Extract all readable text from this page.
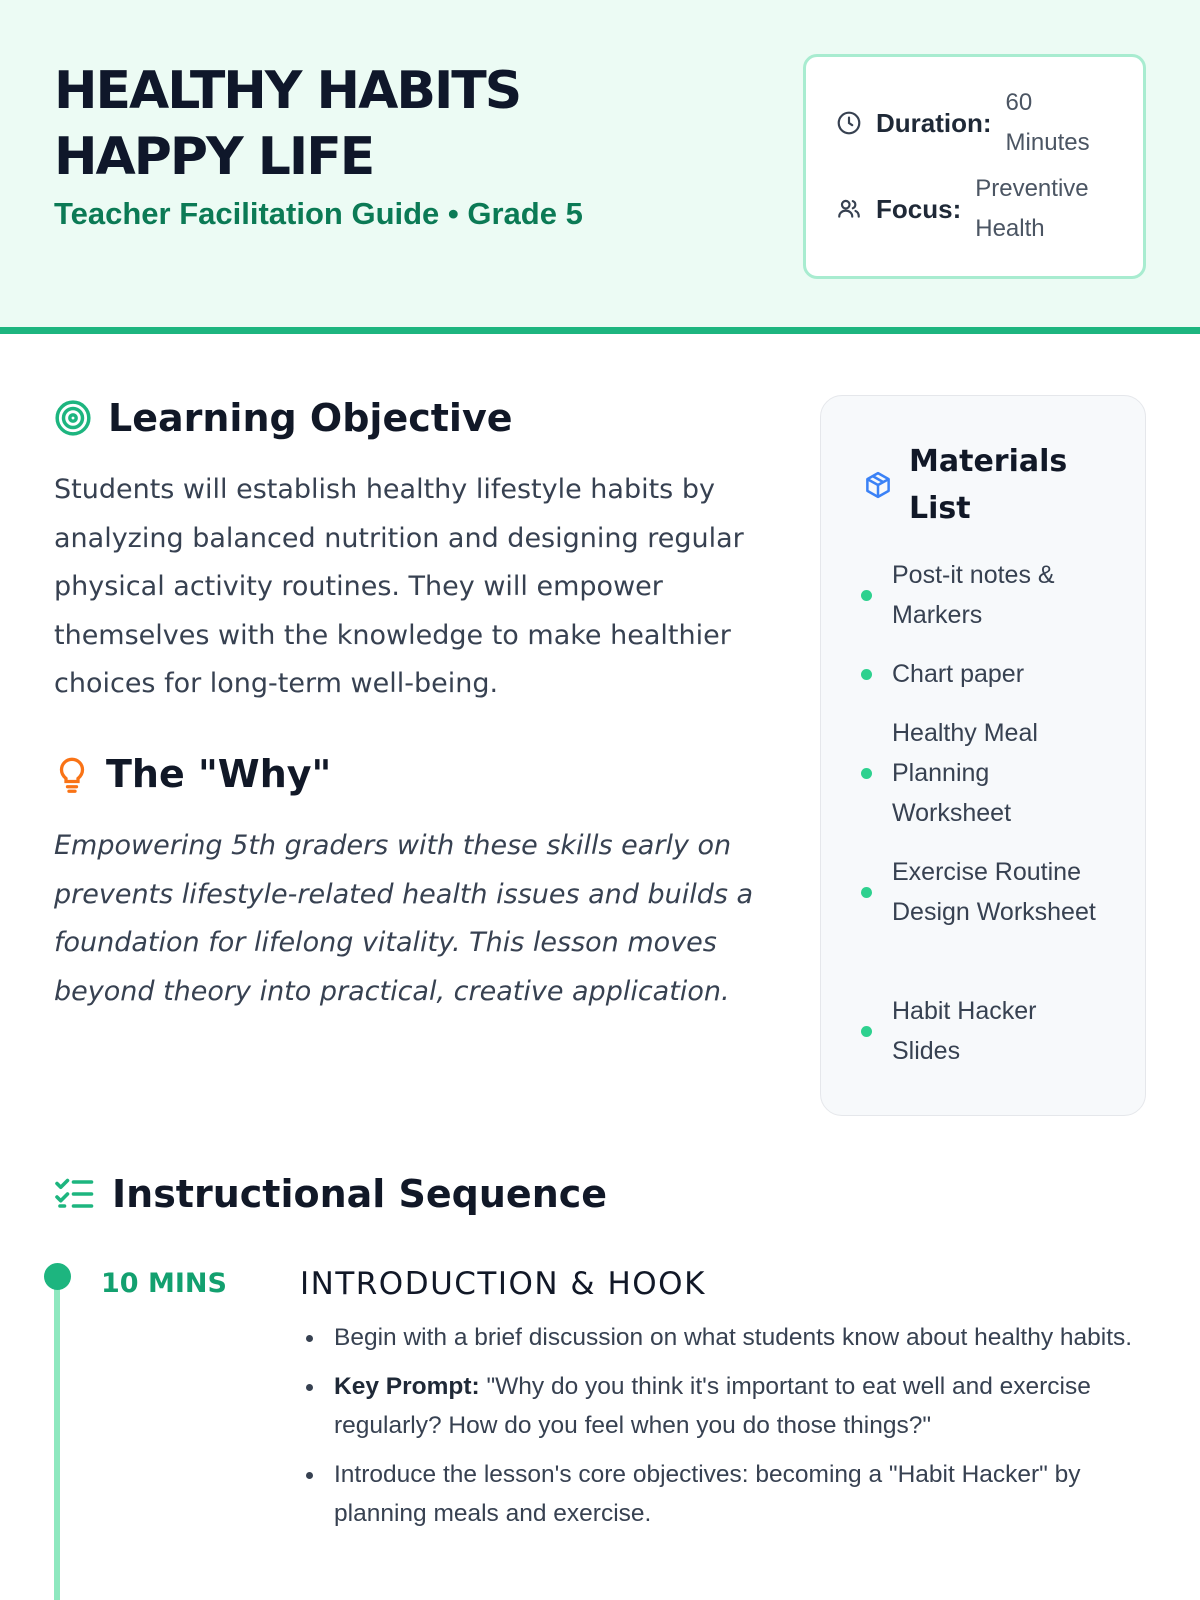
HEALTHY HABITS HAPPY LIFE
Teacher Facilitation Guide • Grade 5
Duration:
60 Minutes
Focus:
Preventive Health
Learning Objective

Students will establish healthy lifestyle habits by analyzing balanced nutrition and designing regular physical activity routines. They will empower themselves with the knowledge to make healthier choices for long-term well-being.

The "Why"

Empowering 5th graders with these skills early on prevents lifestyle-related health issues and builds a foundation for lifelong vitality. This lesson moves beyond theory into practical, creative application.

Materials List
Post-it notes & Markers
Chart paper
Healthy Meal Planning Worksheet
Exercise Routine Design Worksheet
Habit Hacker Slides
Instructional Sequence
10 MINS INTRODUCTION & HOOK
Begin with a brief discussion on what students know about healthy habits.
Key Prompt: "Why do you think it's important to eat well and exercise regularly? How do you feel when you do those things?"
Introduce the lesson's core objectives: becoming a "Habit Hacker" by planning meals and exercise.
